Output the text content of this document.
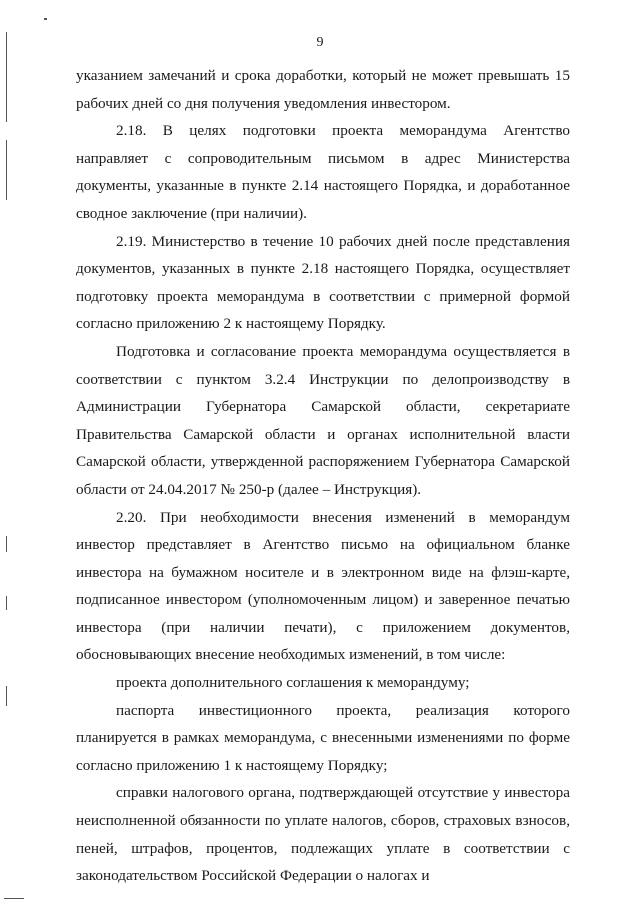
9

указанием замечаний и срока доработки, который не может превышать 15 рабочих дней со дня получения уведомления инвестором.

2.18. В целях подготовки проекта меморандума Агентство направляет с сопроводительным письмом в адрес Министерства документы, указанные в пункте 2.14 настоящего Порядка, и доработанное сводное заключение (при наличии).

2.19. Министерство в течение 10 рабочих дней после представления документов, указанных в пункте 2.18 настоящего Порядка, осуществляет подготовку проекта меморандума в соответствии с примерной формой согласно приложению 2 к настоящему Порядку.

Подготовка и согласование проекта меморандума осуществляется в соответствии с пунктом 3.2.4 Инструкции по делопроизводству в Администрации Губернатора Самарской области, секретариате Правительства Самарской области и органах исполнительной власти Самарской области, утвержденной распоряжением Губернатора Самарской области от 24.04.2017 № 250-р (далее – Инструкция).

2.20. При необходимости внесения изменений в меморандум инвестор представляет в Агентство письмо на официальном бланке инвестора на бумажном носителе и в электронном виде на флэш-карте, подписанное инвестором (уполномоченным лицом) и заверенное печатью инвестора (при наличии печати), с приложением документов, обосновывающих внесение необходимых изменений, в том числе:

проекта дополнительного соглашения к меморандуму;

паспорта инвестиционного проекта, реализация которого планируется в рамках меморандума, с внесенными изменениями по форме согласно приложению 1 к настоящему Порядку;

справки налогового органа, подтверждающей отсутствие у инвестора неисполненной обязанности по уплате налогов, сборов, страховых взносов, пеней, штрафов, процентов, подлежащих уплате в соответствии с законодательством Российской Федерации о налогах и
